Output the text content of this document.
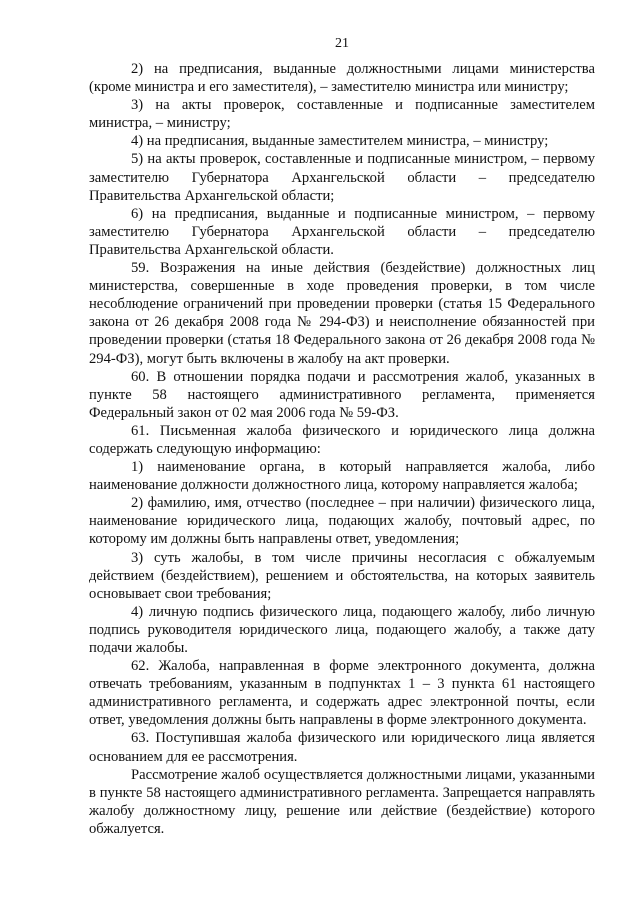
21

2) на предписания, выданные должностными лицами министерства (кроме министра и его заместителя), – заместителю министра или министру;

3) на акты проверок, составленные и подписанные заместителем министра, – министру;

4) на предписания, выданные заместителем министра, – министру;

5) на акты проверок, составленные и подписанные министром, – первому заместителю Губернатора Архангельской области – председателю Правительства Архангельской области;

6) на предписания, выданные и подписанные министром, – первому заместителю Губернатора Архангельской области – председателю Правительства Архангельской области.

59. Возражения на иные действия (бездействие) должностных лиц министерства, совершенные в ходе проведения проверки, в том числе несоблюдение ограничений при проведении проверки (статья 15 Федерального закона от 26 декабря 2008 года № 294-ФЗ) и неисполнение обязанностей при проведении проверки (статья 18 Федерального закона от 26 декабря 2008 года № 294-ФЗ), могут быть включены в жалобу на акт проверки.

60. В отношении порядка подачи и рассмотрения жалоб, указанных в пункте 58 настоящего административного регламента, применяется Федеральный закон от 02 мая 2006 года № 59-ФЗ.

61. Письменная жалоба физического и юридического лица должна содержать следующую информацию:

1) наименование органа, в который направляется жалоба, либо наименование должности должностного лица, которому направляется жалоба;

2) фамилию, имя, отчество (последнее – при наличии) физического лица, наименование юридического лица, подающих жалобу, почтовый адрес, по которому им должны быть направлены ответ, уведомления;

3) суть жалобы, в том числе причины несогласия с обжалуемым действием (бездействием), решением и обстоятельства, на которых заявитель основывает свои требования;

4) личную подпись физического лица, подающего жалобу, либо личную подпись руководителя юридического лица, подающего жалобу, а также дату подачи жалобы.

62. Жалоба, направленная в форме электронного документа, должна отвечать требованиям, указанным в подпунктах 1 – 3 пункта 61 настоящего административного регламента, и содержать адрес электронной почты, если ответ, уведомления должны быть направлены в форме электронного документа.

63. Поступившая жалоба физического или юридического лица является основанием для ее рассмотрения.

Рассмотрение жалоб осуществляется должностными лицами, указанными в пункте 58 настоящего административного регламента. Запрещается направлять жалобу должностному лицу, решение или действие (бездействие) которого обжалуется.
